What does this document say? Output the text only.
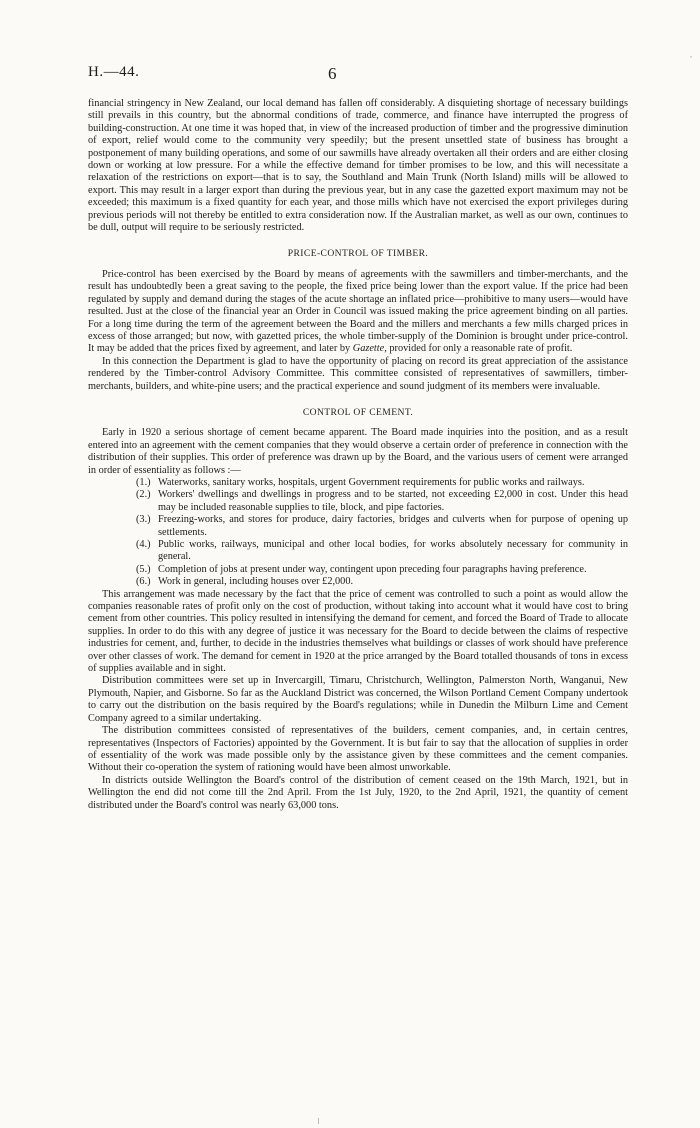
,
H.—44.	6

financial stringency in New Zealand, our local demand has fallen off considerably. A disquieting shortage of necessary buildings still prevails in this country, but the abnormal conditions of trade, commerce, and finance have interrupted the progress of building-construction. At one time it was hoped that, in view of the increased production of timber and the progressive diminution of export, relief would come to the community very speedily; but the present unsettled state of business has brought a postponement of many building operations, and some of our sawmills have already overtaken all their orders and are either closing down or working at low pressure. For a while the effective demand for timber promises to be low, and this will necessitate a relaxation of the restrictions on export—that is to say, the Southland and Main Trunk (North Island) mills will be allowed to export. This may result in a larger export than during the previous year, but in any case the gazetted export maximum may not be exceeded; this maximum is a fixed quantity for each year, and those mills which have not exercised the export privileges during previous periods will not thereby be entitled to extra consideration now. If the Australian market, as well as our own, continues to be dull, output will require to be seriously restricted.

PRICE-CONTROL OF TIMBER.

Price-control has been exercised by the Board by means of agreements with the sawmillers and timber-merchants, and the result has undoubtedly been a great saving to the people, the fixed price being lower than the export value. If the price had been regulated by supply and demand during the stages of the acute shortage an inflated price—prohibitive to many users—would have resulted. Just at the close of the financial year an Order in Council was issued making the price agreement binding on all parties. For a long time during the term of the agreement between the Board and the millers and merchants a few mills charged prices in excess of those arranged; but now, with gazetted prices, the whole timber-supply of the Dominion is brought under price-control. It may be added that the prices fixed by agreement, and later by Gazette, provided for only a reasonable rate of profit.

In this connection the Department is glad to have the opportunity of placing on record its great appreciation of the assistance rendered by the Timber-control Advisory Committee. This committee consisted of representatives of sawmillers, timber-merchants, builders, and white-pine users; and the practical experience and sound judgment of its members were invaluable.

CONTROL OF CEMENT.

Early in 1920 a serious shortage of cement became apparent. The Board made inquiries into the position, and as a result entered into an agreement with the cement companies that they would observe a certain order of preference in connection with the distribution of their supplies. This order of preference was drawn up by the Board, and the various users of cement were arranged in order of essentiality as follows :—

(1.) Waterworks, sanitary works, hospitals, urgent Government requirements for public works and railways.
(2.) Workers' dwellings and dwellings in progress and to be started, not exceeding £2,000 in cost. Under this head may be included reasonable supplies to tile, block, and pipe factories.
(3.) Freezing-works, and stores for produce, dairy factories, bridges and culverts when for purpose of opening up settlements.
(4.) Public works, railways, municipal and other local bodies, for works absolutely necessary for community in general.
(5.) Completion of jobs at present under way, contingent upon preceding four paragraphs having preference.
(6.) Work in general, including houses over £2,000.

This arrangement was made necessary by the fact that the price of cement was controlled to such a point as would allow the companies reasonable rates of profit only on the cost of production, without taking into account what it would have cost to bring cement from other countries. This policy resulted in intensifying the demand for cement, and forced the Board of Trade to allocate supplies. In order to do this with any degree of justice it was necessary for the Board to decide between the claims of respective industries for cement, and, further, to decide in the industries themselves what buildings or classes of work should have preference over other classes of work. The demand for cement in 1920 at the price arranged by the Board totalled thousands of tons in excess of supplies available and in sight.

Distribution committees were set up in Invercargill, Timaru, Christchurch, Wellington, Palmerston North, Wanganui, New Plymouth, Napier, and Gisborne. So far as the Auckland District was concerned, the Wilson Portland Cement Company undertook to carry out the distribution on the basis required by the Board's regulations; while in Dunedin the Milburn Lime and Cement Company agreed to a similar undertaking.

The distribution committees consisted of representatives of the builders, cement companies, and, in certain centres, representatives (Inspectors of Factories) appointed by the Government. It is but fair to say that the allocation of supplies in order of essentiality of the work was made possible only by the assistance given by these committees and the cement companies. Without their co-operation the system of rationing would have been almost unworkable.

In districts outside Wellington the Board's control of the distribution of cement ceased on the 19th March, 1921, but in Wellington the end did not come till the 2nd April. From the 1st July, 1920, to the 2nd April, 1921, the quantity of cement distributed under the Board's control was nearly 63,000 tons.
